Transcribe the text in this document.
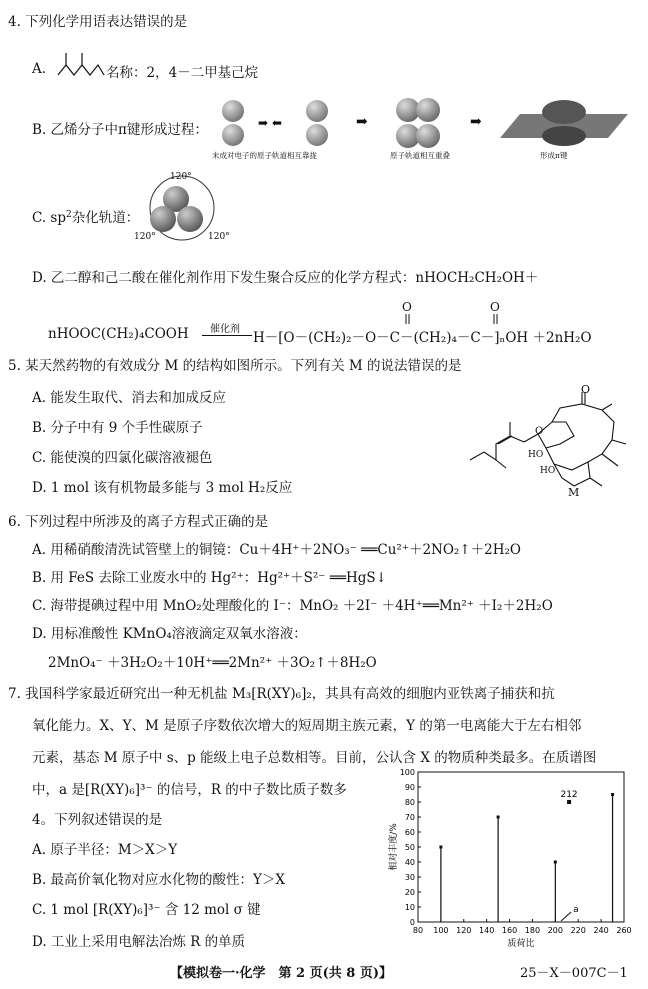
4. 下列化学用语表达错误的是
A.	名称：2，4－二甲基己烷
B. 乙烯分子中π键形成过程：	➡ ⬅	➡	➡
未成对电子的原子轨道相互靠拢	原子轨道相互重叠	形成π键
C. $sp^2$杂化轨道：
120°
120°	120°
D. 乙二醇和己二酸在催化剂作用下发生聚合反应的化学方程式：nHOCH₂CH₂OH＋
nHOOC(CH₂)₄COOH 催化剂
H－[O－(CH₂)₂－O－C－(CH₂)₄－C－]ₙOH ＋2nH₂O
O	O
5. 某天然药物的有效成分 M 的结构如图所示。下列有关 M 的说法错误的是
A. 能发生取代、消去和加成反应
B. 分子中有 9 个手性碳原子
C. 能使溴的四氯化碳溶液褪色
D. 1 mol 该有机物最多能与 3 mol H₂反应
O
O
HO
HO
M
6. 下列过程中所涉及的离子方程式正确的是
A. 用稀硝酸清洗试管壁上的铜镜：Cu＋4H⁺＋2NO₃⁻ ══Cu²⁺＋2NO₂↑＋2H₂O
B. 用 FeS 去除工业废水中的 Hg²⁺：Hg²⁺＋S²⁻ ══HgS↓
C. 海带提碘过程中用 MnO₂处理酸化的 I⁻：MnO₂ ＋2I⁻ ＋4H⁺══Mn²⁺ ＋I₂＋2H₂O
D. 用标准酸性 KMnO₄溶液滴定双氧水溶液：
2MnO₄⁻ ＋3H₂O₂＋10H⁺══2Mn²⁺ ＋3O₂↑＋8H₂O
7. 我国科学家最近研究出一种无机盐 M₃[R(XY)₆]₂，其具有高效的细胞内亚铁离子捕获和抗
氧化能力。X、Y、M 是原子序数依次增大的短周期主族元素，Y 的第一电离能大于左右相邻
元素，基态 M 原子中 s、p 能级上电子总数相等。目前，公认含 X 的物质种类最多。在质谱图
中，a 是[R(XY)₆]³⁻ 的信号，R 的中子数比质子数多
4。下列叙述错误的是
A. 原子半径：M＞X＞Y
B. 最高价氧化物对应水化物的酸性：Y＞X
C. 1 mol [R(XY)₆]³⁻ 含 12 mol σ 键
D. 工业上采用电解法冶炼 R 的单质
0
10
20
30
40
50
60
70
80
90
100
80 100 120 140 160 180 200 220 240 260
212
a
质荷比
相对丰度/%
【模拟卷一·化学　第 2 页(共 8 页)】	25－X－007C－1
